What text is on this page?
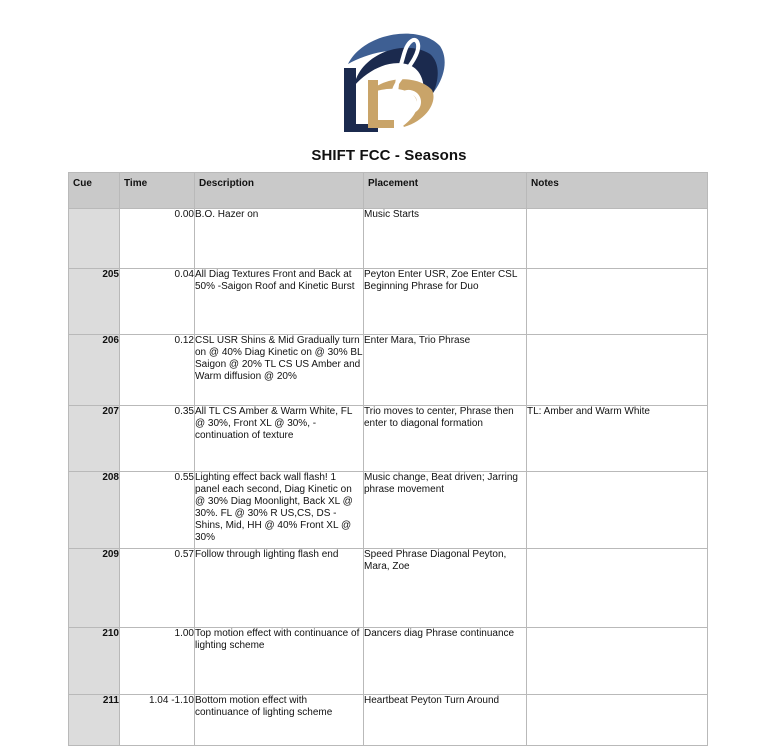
SHIFT FCC - Seasons
Cue	Time	Description	Placement	Notes
	0.00	B.O. Hazer on	Music Starts	
205	0.04	All Diag Textures Front and Back at 50% -Saigon Roof and Kinetic Burst	Peyton Enter USR, Zoe Enter CSL Beginning Phrase for Duo	
206	0.12	CSL USR Shins & Mid Gradually turn on @ 40% Diag Kinetic on @ 30% BL Saigon @ 20% TL CS US Amber and Warm diffusion @ 20%	Enter Mara, Trio Phrase	
207	0.35	All TL CS Amber & Warm White, FL @ 30%, Front XL @ 30%, - continuation of texture	Trio moves to center, Phrase then enter to diagonal formation	TL: Amber and Warm White
208	0.55	Lighting effect back wall flash! 1 panel each second, Diag Kinetic on @ 30% Diag Moonlight, Back XL @ 30%. FL @ 30% R US,CS, DS - Shins, Mid, HH @ 40% Front XL @ 30%	Music change, Beat driven; Jarring phrase movement	
209	0.57	Follow through lighting flash end	Speed Phrase Diagonal Peyton, Mara, Zoe	
210	1.00	Top motion effect with continuance of lighting scheme	Dancers diag Phrase continuance	
211	1.04 -1.10	Bottom motion effect with continuance of lighting scheme	Heartbeat Peyton Turn Around	
